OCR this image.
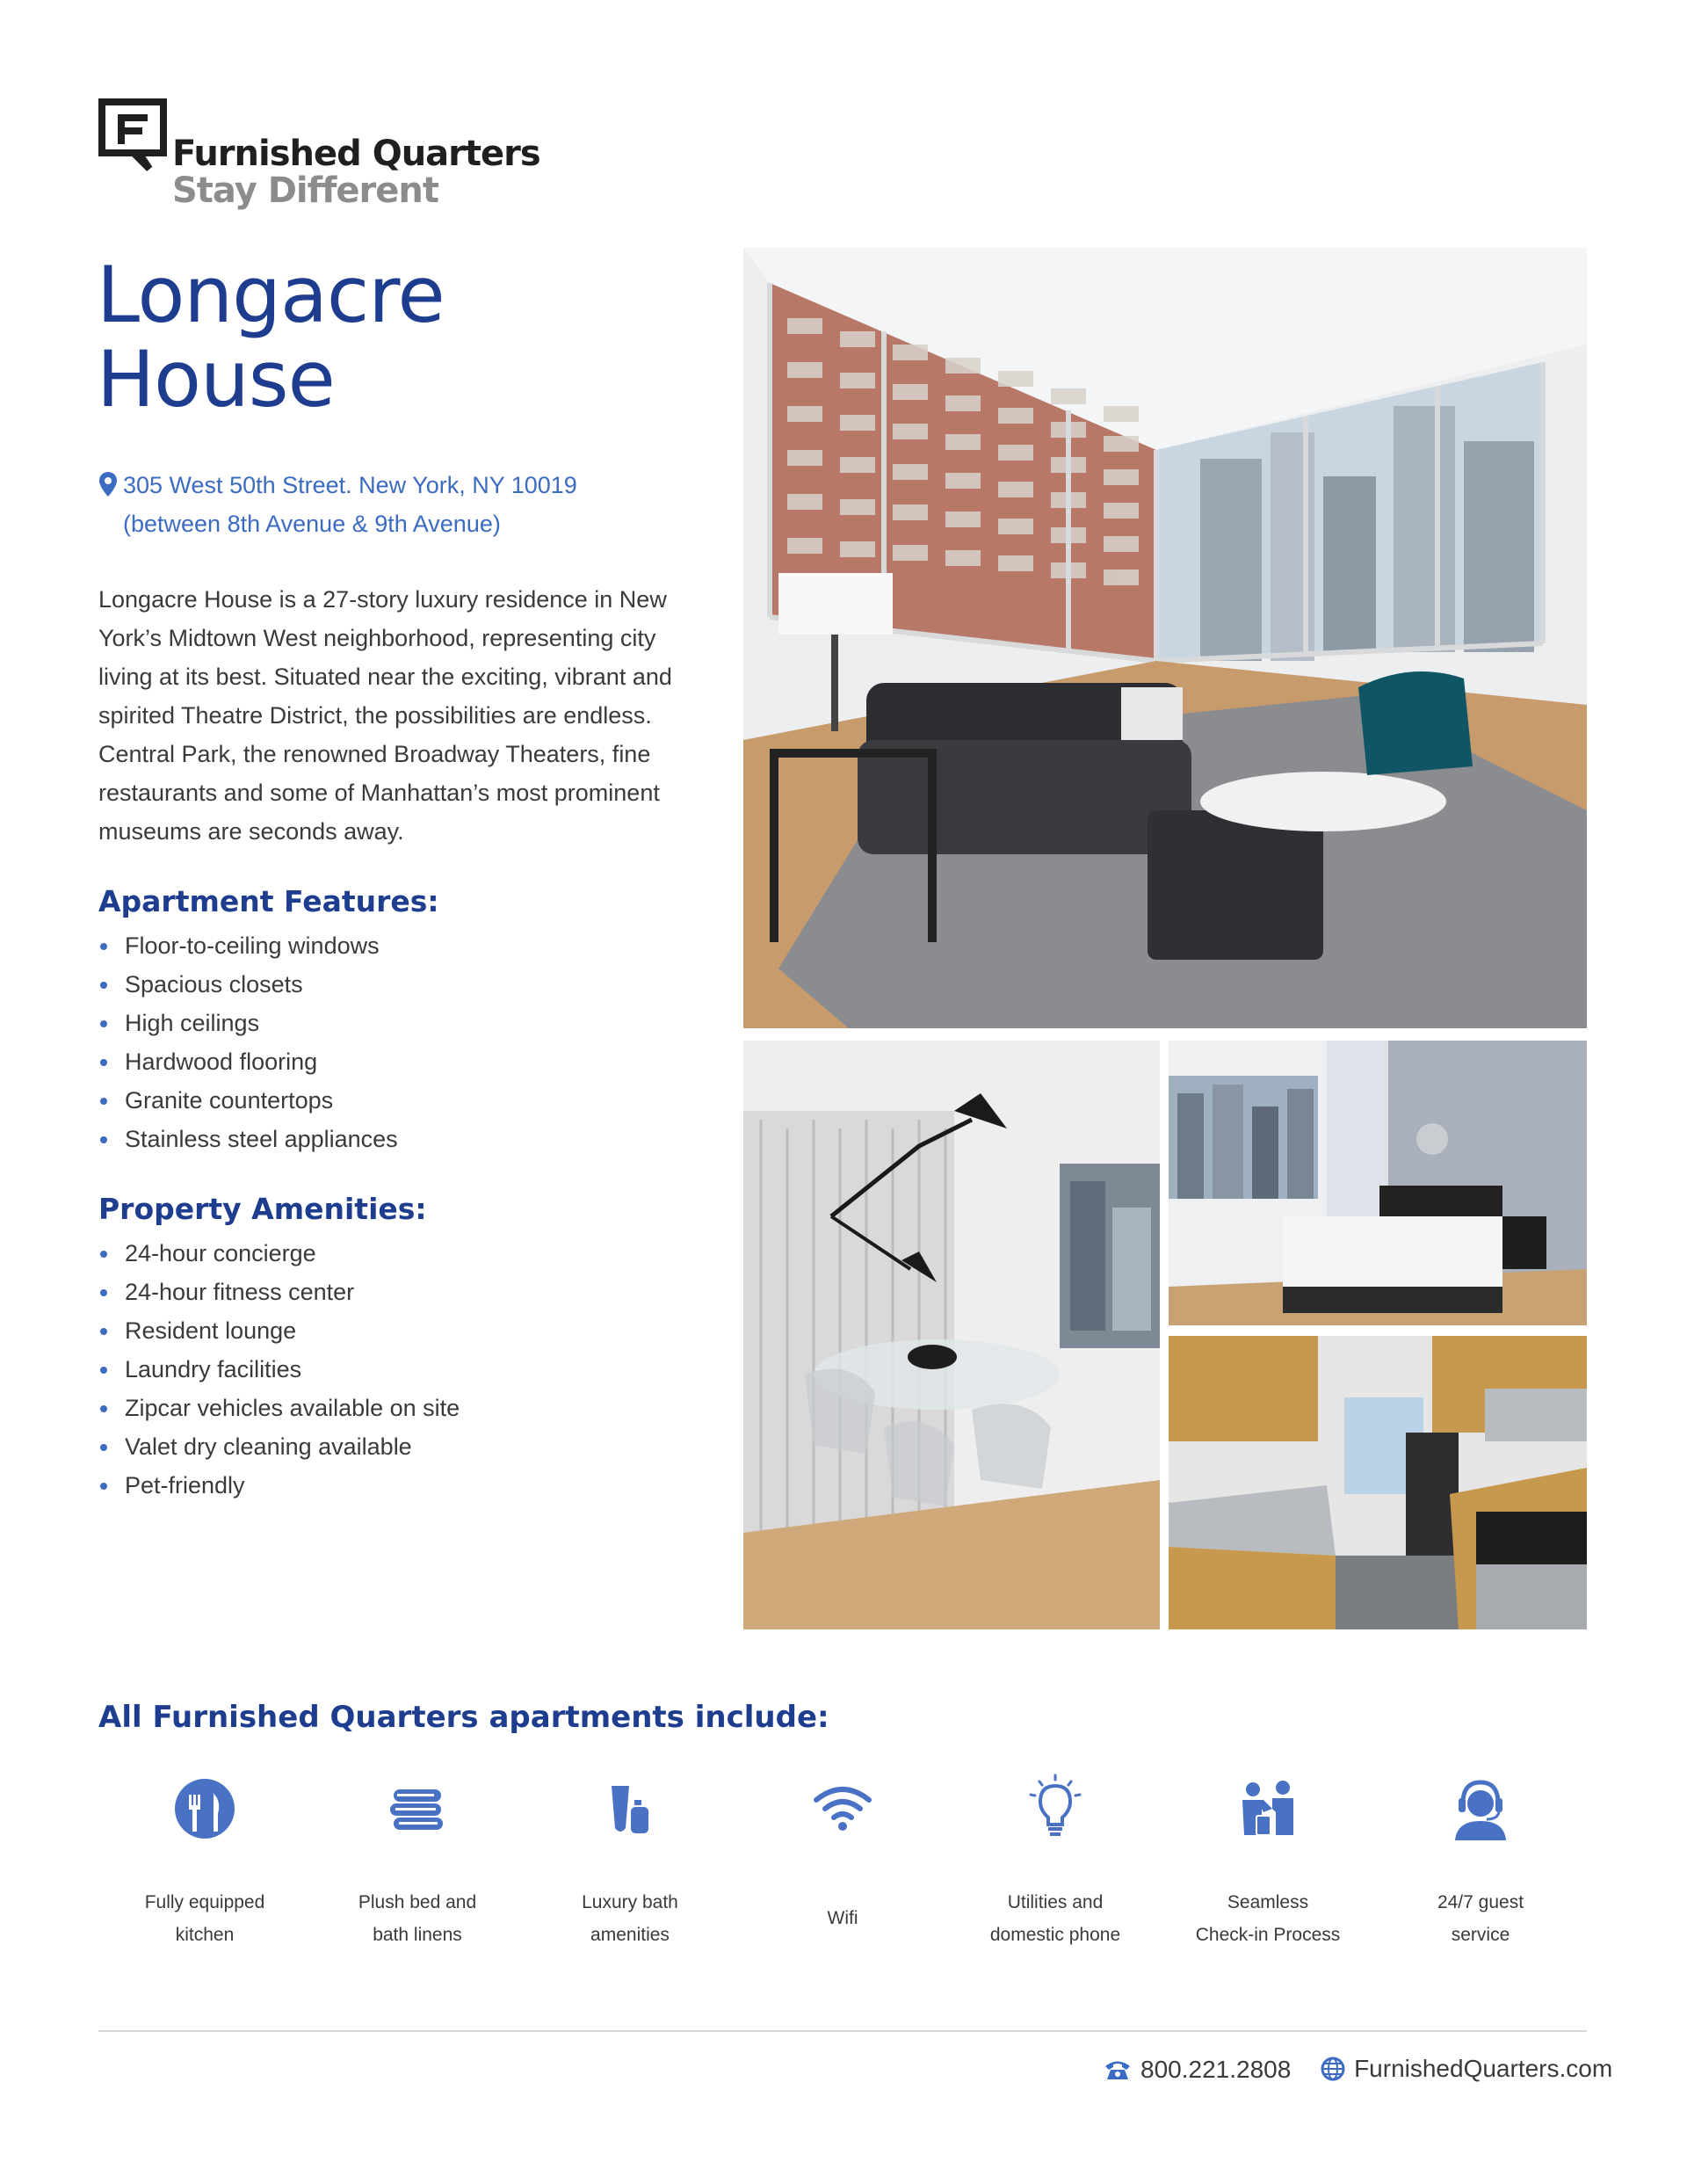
Furnished Quarters
Stay Different
Longacre
House
305 West 50th Street. New York, NY 10019
(between 8th Avenue & 9th Avenue)

Longacre House is a 27-story luxury residence in New York’s Midtown West neighborhood, representing city living at its best. Situated near the exciting, vibrant and spirited Theatre District, the possibilities are endless. Central Park, the renowned Broadway Theaters, fine restaurants and some of Manhattan’s most prominent museums are seconds away.

Apartment Features:
Floor-to-ceiling windows
Spacious closets
High ceilings
Hardwood flooring
Granite countertops
Stainless steel appliances
Property Amenities:
24-hour concierge
24-hour fitness center
Resident lounge
Laundry facilities
Zipcar vehicles available on site
Valet dry cleaning available
Pet-friendly
All Furnished Quarters apartments include:
Fully equipped
kitchen
Plush bed and
bath linens
Luxury bath
amenities
Wifi
Utilities and
domestic phone
Seamless
Check-in Process
24/7 guest
service
800.221.2808
	FurnishedQuarters.com
